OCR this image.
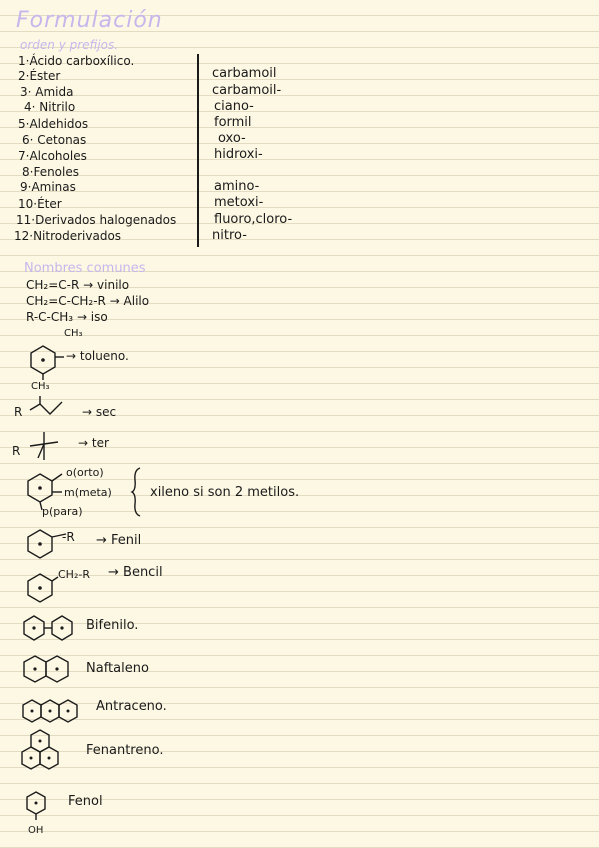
Formulación
orden y prefijos.
1·Ácido carboxílico.
2·Éster
3· Amida
4· Nitrilo
5·Aldehidos
6· Cetonas
7·Alcoholes
8·Fenoles
9·Aminas
10·Éter
11·Derivados halogenados
12·Nitroderivados
carbamoil
carbamoil-
ciano-
formil
oxo-
hidroxi-
amino-
metoxi-
fluoro,cloro-
nitro-
Nombres comunes
CH₂=C-R → vinilo
CH₂=C-CH₂-R → Alilo
R-C-CH₃ → iso
CH₃
→ tolueno.
CH₃
R	→ sec
R
→ ter
o(orto)
m(meta)
p(para)
xileno si son 2 metilos.
-R → Fenil
CH₂-R → Bencil
Bifenilo.
Naftaleno
Antraceno.
Fenantreno.
Fenol
OH
